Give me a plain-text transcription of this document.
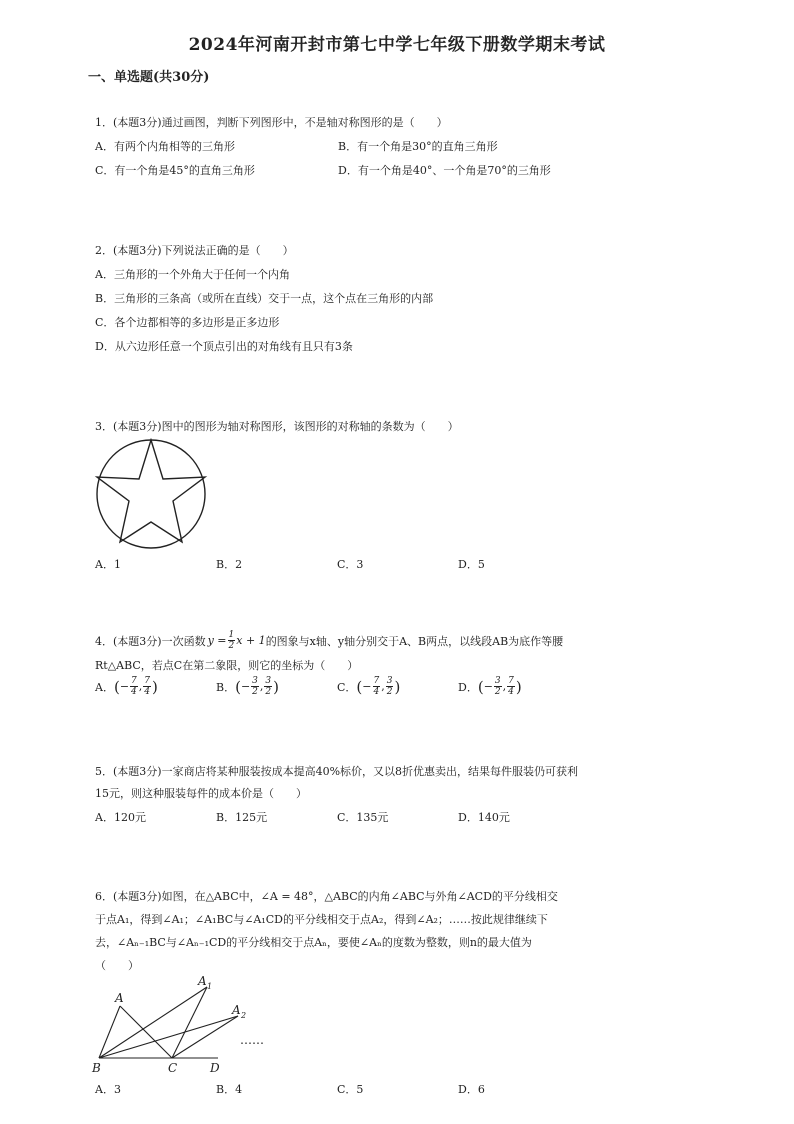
2024年河南开封市第七中学七年级下册数学期末考试
一、单选题(共30分)
1．(本题3分)通过画图，判断下列图形中，不是轴对称图形的是（　　）
A．有两个内角相等的三角形	B．有一个角是30°的直角三角形
C．有一个角是45°的直角三角形	D．有一个角是40°、一个角是70°的三角形
2．(本题3分)下列说法正确的是（　　）
A．三角形的一个外角大于任何一个内角
B．三角形的三条高（或所在直线）交于一点，这个点在三角形的内部
C．各个边都相等的多边形是正多边形
D．从六边形任意一个顶点引出的对角线有且只有3条
3．(本题3分)图中的图形为轴对称图形，该图形的对称轴的条数为（　　）
A．1	B．2	C．3	D．5
4．(本题3分)一次函数 $y = \frac{1}{2}$ x + 1 的图象与x轴、y轴分别交于A、B两点，以线段AB为底作等腰
Rt△ABC，若点C在第二象限，则它的坐标为（　　）
A． ( − $\frac{7}{4}$ , $\frac{7}{4}$ )	B． ( − $\frac{3}{2}$ , $\frac{3}{2}$ )	C． ( − $\frac{7}{4}$ , $\frac{3}{2}$ )	D． ( − $\frac{3}{2}$ , $\frac{7}{4}$ )
5．(本题3分)一家商店将某种服装按成本提高40%标价，又以8折优惠卖出，结果每件服装仍可获利
15元，则这种服装每件的成本价是（　　）
A．120元	B．125元	C．135元	D．140元
6．(本题3分)如图，在△ABC中，∠A = 48°，△ABC的内角∠ABC与外角∠ACD的平分线相交
于点A₁，得到∠A₁；∠A₁BC与∠A₁CD的平分线相交于点A₂，得到∠A₂；……按此规律继续下
去，∠Aₙ₋₁BC与∠Aₙ₋₁CD的平分线相交于点Aₙ，要使∠Aₙ的度数为整数，则n的最大值为
（　　）
A
A 1
A 2
B	C	D
……
A．3	B．4	C．5	D．6
